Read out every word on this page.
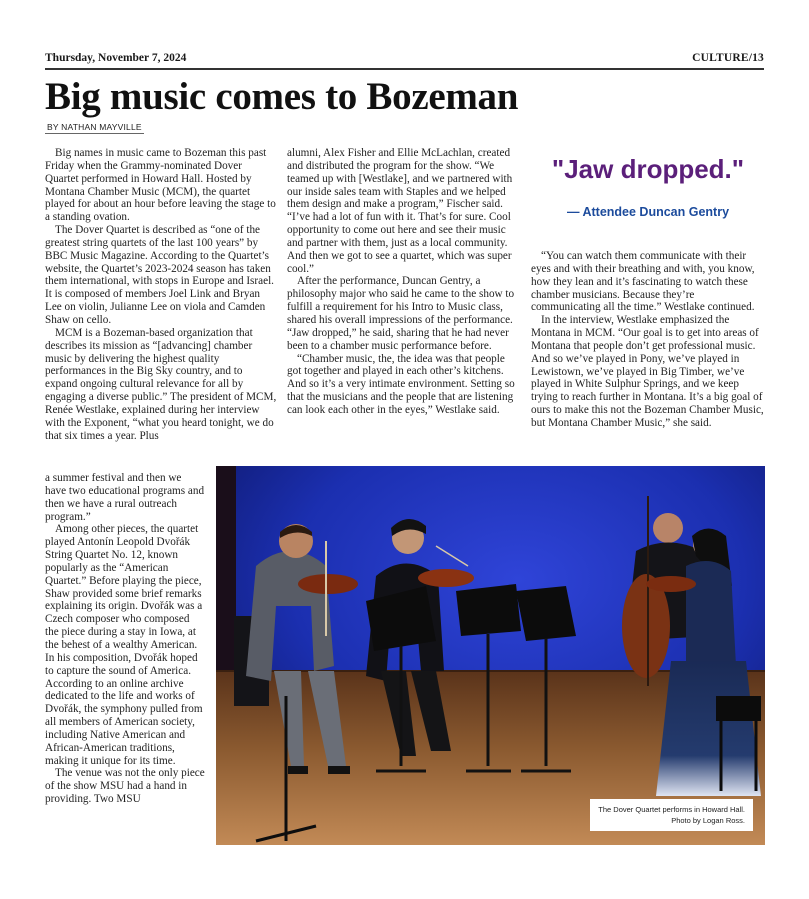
Thursday, November 7, 2024	CULTURE/13
Big music comes to Bozeman
BY NATHAN MAYVILLE

Big names in music came to Bozeman this past Friday when the Grammy-nominated Dover Quartet performed in Howard Hall. Hosted by Montana Chamber Music (MCM), the quartet played for about an hour before leaving the stage to a standing ovation.

The Dover Quartet is described as “one of the greatest string quartets of the last 100 years” by BBC Music Magazine. According to the Quartet’s website, the Quartet’s 2023-2024 season has taken them international, with stops in Europe and Israel. It is composed of members Joel Link and Bryan Lee on violin, Julianne Lee on viola and Camden Shaw on cello.

MCM is a Bozeman-based organization that describes its mission as “[advancing] chamber music by delivering the highest quality performances in the Big Sky country, and to expand ongoing cultural relevance for all by engaging a diverse public.” The president of MCM, Renée Westlake, explained during her interview with the Exponent, “what you heard tonight, we do that six times a year. Plus

a summer festival and then we have two educational programs and then we have a rural outreach program.”

Among other pieces, the quartet played Antonín Leopold Dvořák String Quartet No. 12, known popularly as the “American Quartet.” Before playing the piece, Shaw provided some brief remarks explaining its origin. Dvořák was a Czech composer who composed the piece during a stay in Iowa, at the behest of a wealthy American. In his composition, Dvořák hoped to capture the sound of America. According to an online archive dedicated to the life and works of Dvořák, the symphony pulled from all members of American society, including Native American and African-American traditions, making it unique for its time.

The venue was not the only piece of the show MSU had a hand in providing. Two MSU

alumni, Alex Fisher and Ellie McLachlan, created and distributed the program for the show. “We teamed up with [Westlake], and we partnered with our inside sales team with Staples and we helped them design and make a program,” Fischer said. “I’ve had a lot of fun with it. That’s for sure. Cool opportunity to come out here and see their music and partner with them, just as a local community. And then we got to see a quartet, which was super cool.”

After the performance, Duncan Gentry, a philosophy major who said he came to the show to fulfill a requirement for his Intro to Music class, shared his overall impressions of the performance. “Jaw dropped,” he said, sharing that he had never been to a chamber music performance before.

“Chamber music, the, the idea was that people got together and played in each other’s kitchens. And so it’s a very intimate environment. Setting so that the musicians and the people that are listening can look each other in the eyes,” Westlake said.

"Jaw dropped."
— Attendee Duncan Gentry

“You can watch them communicate with their eyes and with their breathing and with, you know, how they lean and it’s fascinating to watch these chamber musicians. Because they’re communicating all the time.” Westlake continued.

In the interview, Westlake emphasized the Montana in MCM. “Our goal is to get into areas of Montana that people don’t get professional music. And so we’ve played in Pony, we’ve played in Lewistown, we’ve played in Big Timber, we’ve played in White Sulphur Springs, and we keep trying to reach further in Montana. It’s a big goal of ours to make this not the Bozeman Chamber Music, but Montana Chamber Music,” she said.

The Dover Quartet performs in Howard Hall.
Photo by Logan Ross.
